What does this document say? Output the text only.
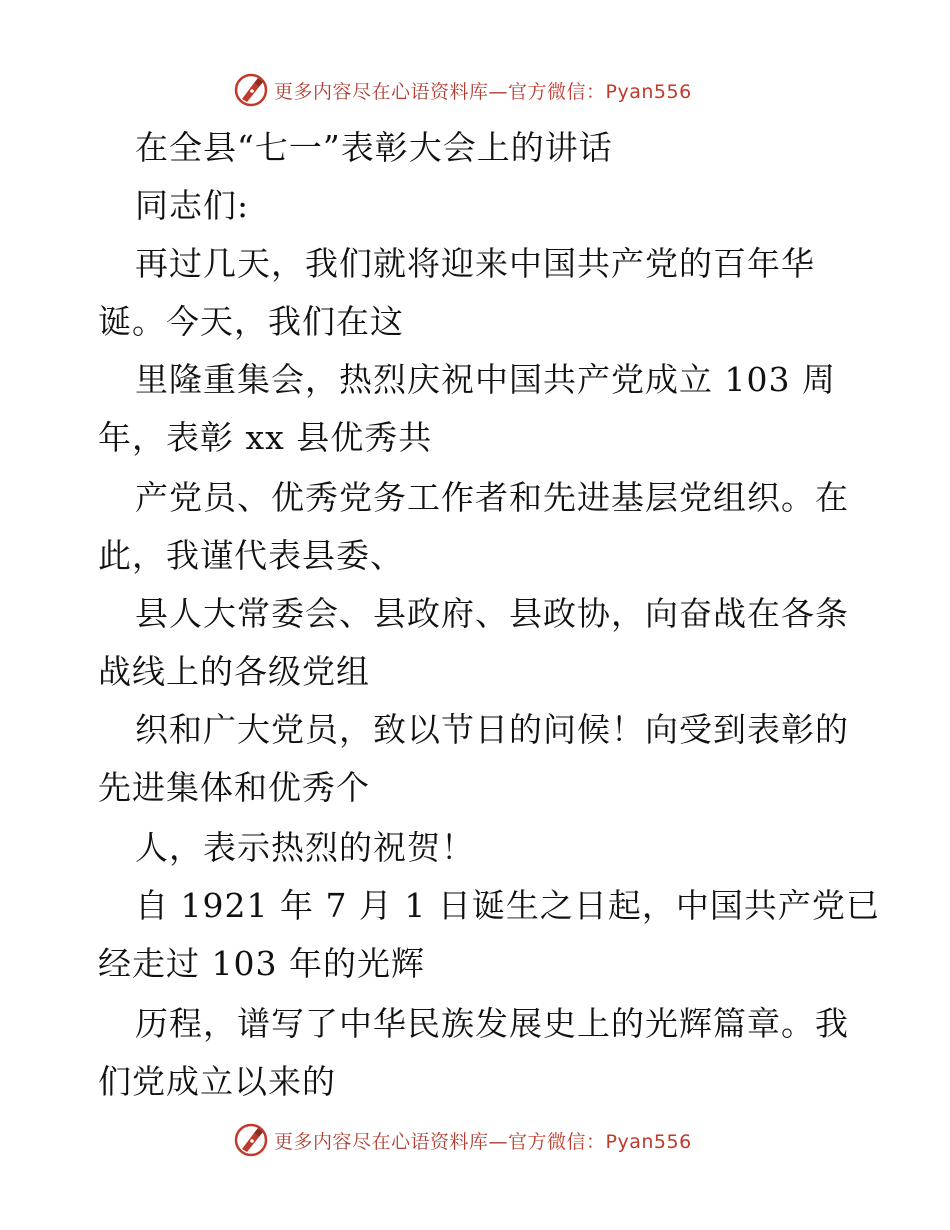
更多内容尽在心语资料库—官方微信：Pyan556
在全县“七一”表彰大会上的讲话
同志们:
再过几天，我们就将迎来中国共产党的百年华
诞。今天，我们在这
里隆重集会，热烈庆祝中国共产党成立 103 周
年，表彰 xx 县优秀共
产党员、优秀党务工作者和先进基层党组织。在
此，我谨代表县委、
县人大常委会、县政府、县政协，向奋战在各条
战线上的各级党组
织和广大党员，致以节日的问候！向受到表彰的
先进集体和优秀个
人，表示热烈的祝贺！
自 1921 年 7 月 1 日诞生之日起，中国共产党已
经走过 103 年的光辉
历程，谱写了中华民族发展史上的光辉篇章。我
们党成立以来的
更多内容尽在心语资料库—官方微信：Pyan556
